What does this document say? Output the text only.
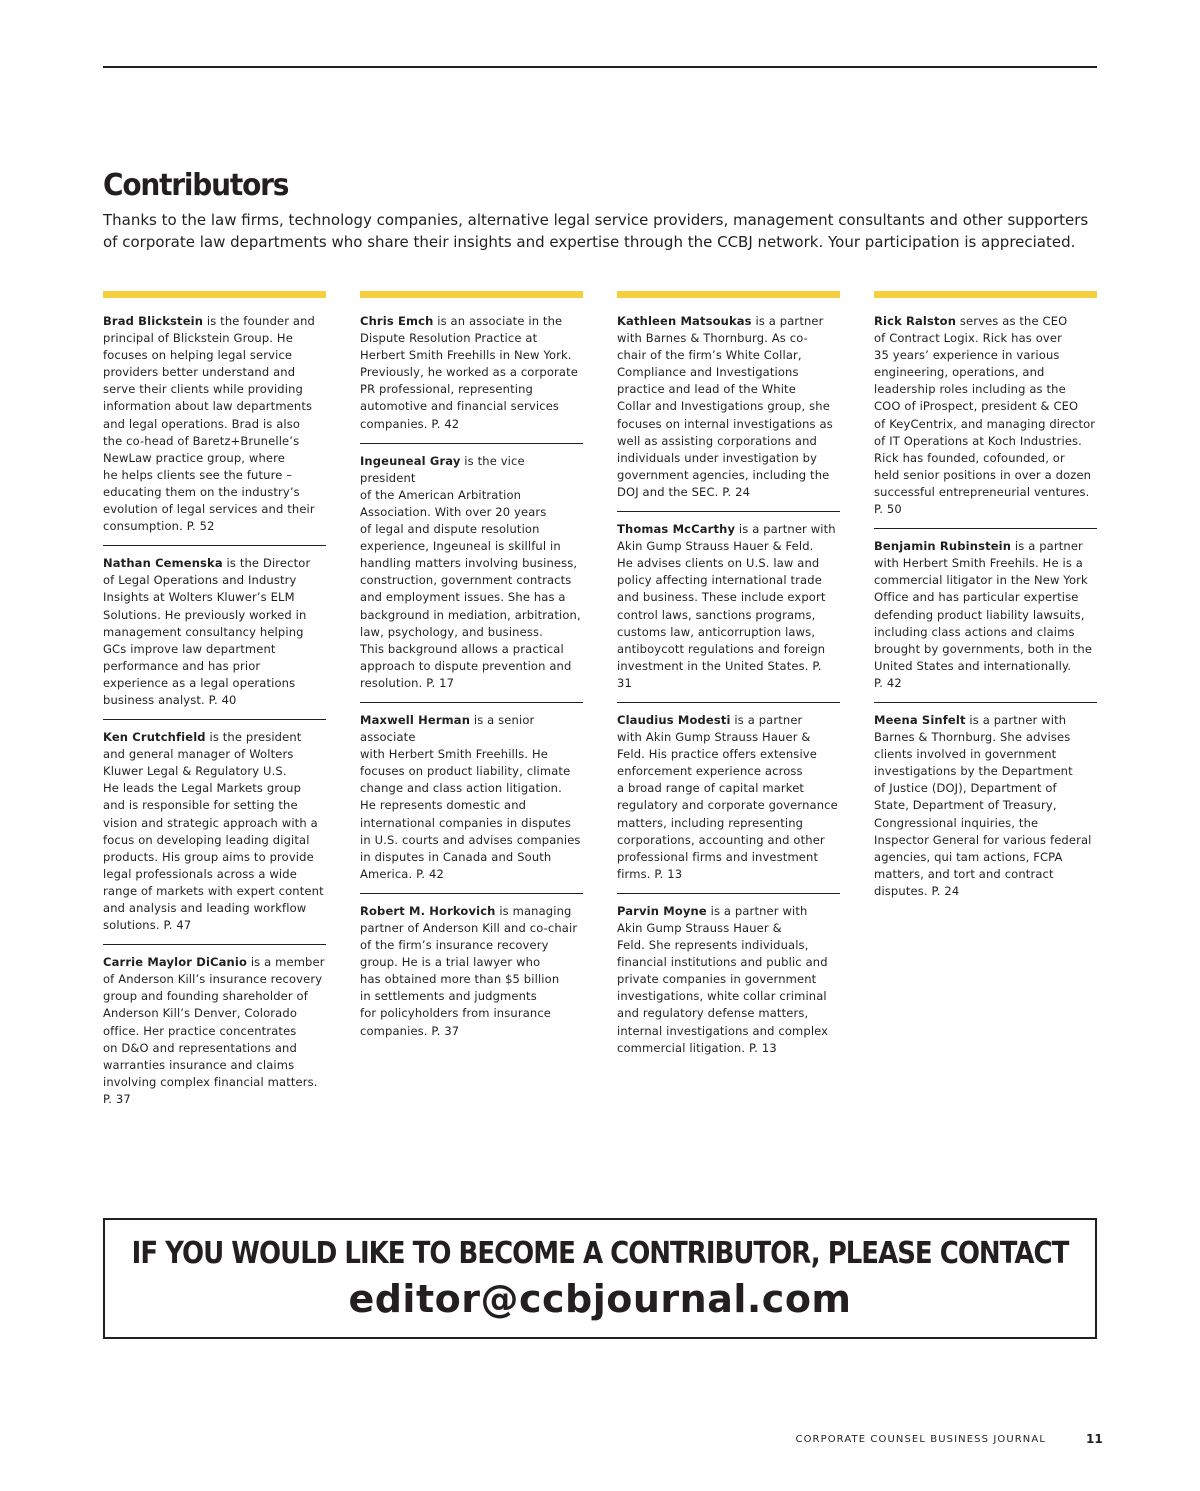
Contributors

Thanks to the law firms, technology companies, alternative legal service providers, management consultants and other supporters of corporate law departments who share their insights and expertise through the CCBJ network. Your participation is appreciated.

Brad Blickstein is the founder and
principal of Blickstein Group. He
focuses on helping legal service
providers better understand and
serve their clients while providing
information about law departments
and legal operations. Brad is also
the co-head of Baretz+Brunelle’s
NewLaw practice group, where
he helps clients see the future –
educating them on the industry’s
evolution of legal services and their
consumption. P. 52
Nathan Cemenska is the Director
of Legal Operations and Industry
Insights at Wolters Kluwer’s ELM
Solutions. He previously worked in
management consultancy helping
GCs improve law department
performance and has prior
experience as a legal operations
business analyst. P. 40
Ken Crutchfield is the president
and general manager of Wolters
Kluwer Legal & Regulatory U.S.
He leads the Legal Markets group
and is responsible for setting the
vision and strategic approach with a
focus on developing leading digital
products. His group aims to provide
legal professionals across a wide
range of markets with expert content
and analysis and leading workflow
solutions. P. 47
Carrie Maylor DiCanio is a member
of Anderson Kill’s insurance recovery
group and founding shareholder of
Anderson Kill’s Denver, Colorado
office. Her practice concentrates
on D&O and representations and
warranties insurance and claims
involving complex financial matters.
P. 37
Chris Emch is an associate in the
Dispute Resolution Practice at
Herbert Smith Freehills in New York.
Previously, he worked as a corporate
PR professional, representing
automotive and financial services
companies. P. 42
Ingeuneal Gray is the vice president
of the American Arbitration
Association. With over 20 years
of legal and dispute resolution
experience, Ingeuneal is skillful in
handling matters involving business,
construction, government contracts
and employment issues. She has a
background in mediation, arbitration,
law, psychology, and business.
This background allows a practical
approach to dispute prevention and
resolution. P. 17
Maxwell Herman is a senior associate
with Herbert Smith Freehills. He
focuses on product liability, climate
change and class action litigation.
He represents domestic and
international companies in disputes
in U.S. courts and advises companies
in disputes in Canada and South
America. P. 42
Robert M. Horkovich is managing
partner of Anderson Kill and co-chair
of the firm’s insurance recovery
group. He is a trial lawyer who
has obtained more than $5 billion
in settlements and judgments
for policyholders from insurance
companies. P. 37
Kathleen Matsoukas is a partner
with Barnes & Thornburg. As co-
chair of the firm’s White Collar,
Compliance and Investigations
practice and lead of the White
Collar and Investigations group, she
focuses on internal investigations as
well as assisting corporations and
individuals under investigation by
government agencies, including the
DOJ and the SEC. P. 24
Thomas McCarthy is a partner with
Akin Gump Strauss Hauer & Feld.
He advises clients on U.S. law and
policy affecting international trade
and business. These include export
control laws, sanctions programs,
customs law, anticorruption laws,
antiboycott regulations and foreign
investment in the United States. P. 31
Claudius Modesti is a partner
with Akin Gump Strauss Hauer &
Feld. His practice offers extensive
enforcement experience across
a broad range of capital market
regulatory and corporate governance
matters, including representing
corporations, accounting and other
professional firms and investment
firms. P. 13
Parvin Moyne is a partner with
Akin Gump Strauss Hauer &
Feld. She represents individuals,
financial institutions and public and
private companies in government
investigations, white collar criminal
and regulatory defense matters,
internal investigations and complex
commercial litigation. P. 13
Rick Ralston serves as the CEO
of Contract Logix. Rick has over
35 years’ experience in various
engineering, operations, and
leadership roles including as the
COO of iProspect, president & CEO
of KeyCentrix, and managing director
of IT Operations at Koch Industries.
Rick has founded, cofounded, or
held senior positions in over a dozen
successful entrepreneurial ventures.
P. 50
Benjamin Rubinstein is a partner
with Herbert Smith Freehils. He is a
commercial litigator in the New York
Office and has particular expertise
defending product liability lawsuits,
including class actions and claims
brought by governments, both in the
United States and internationally.
P. 42
Meena Sinfelt is a partner with
Barnes & Thornburg. She advises
clients involved in government
investigations by the Department
of Justice (DOJ), Department of
State, Department of Treasury,
Congressional inquiries, the
Inspector General for various federal
agencies, qui tam actions, FCPA
matters, and tort and contract
disputes. P. 24
IF YOU WOULD LIKE TO BECOME A CONTRIBUTOR, PLEASE CONTACT
editor@ccbjournal.com
CORPORATE COUNSEL BUSINESS JOURNAL	11
